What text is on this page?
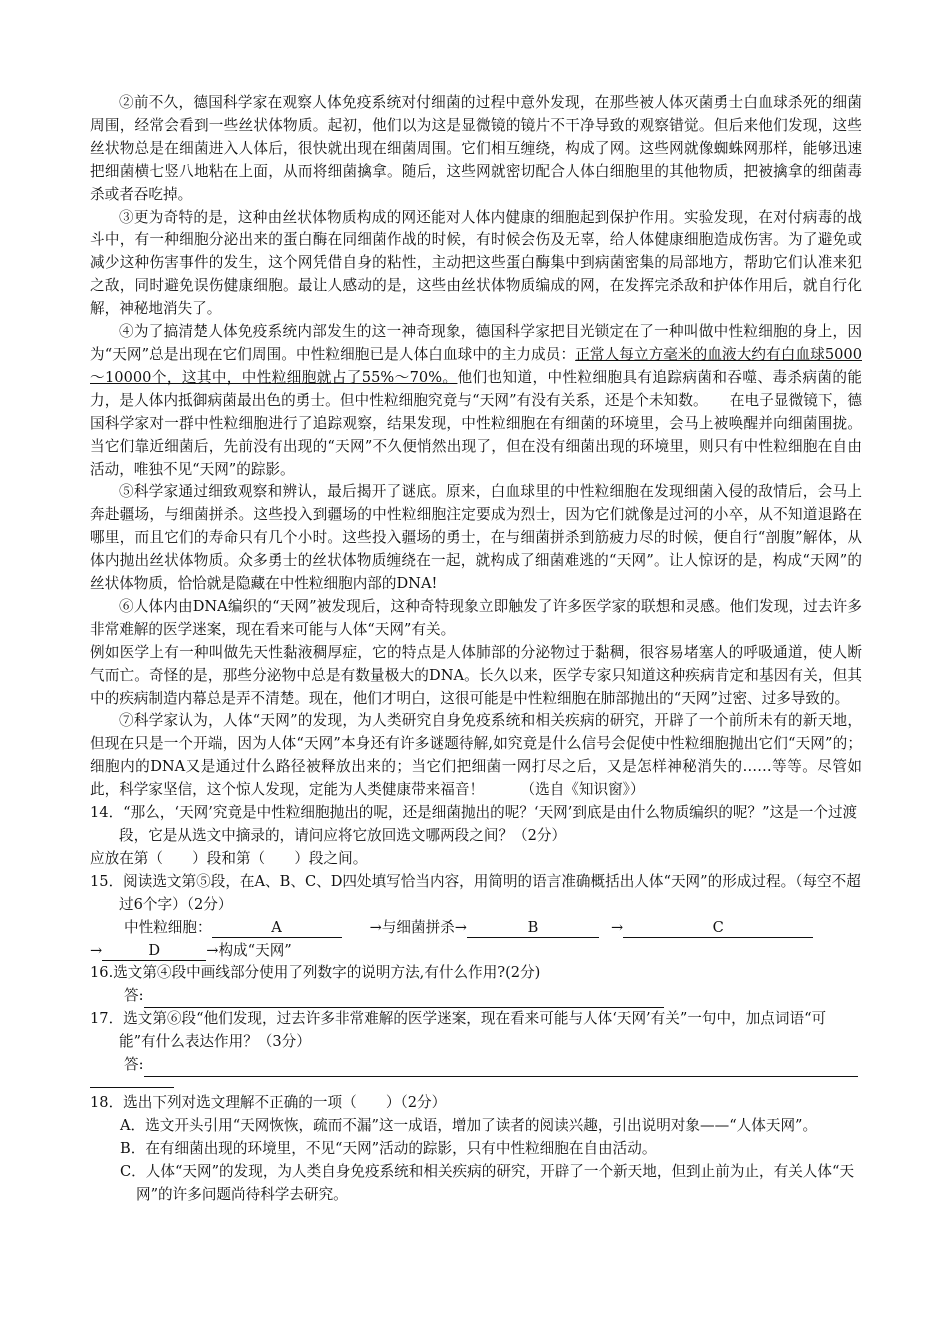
②前不久，德国科学家在观察人体免疫系统对付细菌的过程中意外发现，在那些被人体灭菌勇士白血球杀死的细菌周围，经常会看到一些丝状体物质。起初，他们以为这是显微镜的镜片不干净导致的观察错觉。但后来他们发现，这些丝状物总是在细菌进入人体后，很快就出现在细菌周围。它们相互缠绕，构成了网。这些网就像蜘蛛网那样，能够迅速把细菌横七竖八地粘在上面，从而将细菌擒拿。随后，这些网就密切配合人体白细胞里的其他物质，把被擒拿的细菌毒杀或者吞吃掉。

③更为奇特的是，这种由丝状体物质构成的网还能对人体内健康的细胞起到保护作用。实验发现，在对付病毒的战斗中，有一种细胞分泌出来的蛋白酶在同细菌作战的时候，有时候会伤及无辜，给人体健康细胞造成伤害。为了避免或减少这种伤害事件的发生，这个网凭借自身的粘性，主动把这些蛋白酶集中到病菌密集的局部地方，帮助它们认准来犯之敌，同时避免误伤健康细胞。最让人感动的是，这些由丝状体物质编成的网，在发挥完杀敌和护体作用后，就自行化解，神秘地消失了。

④为了搞清楚人体免疫系统内部发生的这一神奇现象，德国科学家把目光锁定在了一种叫做中性粒细胞的身上，因为“天网”总是出现在它们周围。中性粒细胞已是人体白血球中的主力成员：正常人每立方毫米的血液大约有白血球5000～10000个，这其中，中性粒细胞就占了55%～70%。他们也知道，中性粒细胞具有追踪病菌和吞噬、毒杀病菌的能力，是人体内抵御病菌最出色的勇士。但中性粒细胞究竟与“天网”有没有关系，还是个未知数。　　在电子显微镜下，德国科学家对一群中性粒细胞进行了追踪观察，结果发现，中性粒细胞在有细菌的环境里，会马上被唤醒并向细菌围拢。当它们靠近细菌后，先前没有出现的“天网”不久便悄然出现了，但在没有细菌出现的环境里，则只有中性粒细胞在自由活动，唯独不见“天网”的踪影。

⑤科学家通过细致观察和辨认，最后揭开了谜底。原来，白血球里的中性粒细胞在发现细菌入侵的敌情后，会马上奔赴疆场，与细菌拼杀。这些投入到疆场的中性粒细胞注定要成为烈士，因为它们就像是过河的小卒，从不知道退路在哪里，而且它们的寿命只有几个小时。这些投入疆场的勇士，在与细菌拼杀到筋疲力尽的时候，便自行“剖腹”解体，从体内抛出丝状体物质。众多勇士的丝状体物质缠绕在一起，就构成了细菌难逃的“天网”。让人惊讶的是，构成“天网”的丝状体物质，恰恰就是隐藏在中性粒细胞内部的DNA!

⑥人体内由DNA编织的“天网”被发现后，这种奇特现象立即触发了许多医学家的联想和灵感。他们发现，过去许多非常难解的医学迷案，现在看来可能与人体“天网”有关。

例如医学上有一种叫做先天性黏液稠厚症，它的特点是人体肺部的分泌物过于黏稠，很容易堵塞人的呼吸通道，使人断气而亡。奇怪的是，那些分泌物中总是有数量极大的DNA。长久以来，医学专家只知道这种疾病肯定和基因有关，但其中的疾病制造内幕总是弄不清楚。现在，他们才明白，这很可能是中性粒细胞在肺部抛出的“天网”过密、过多导致的。

⑦科学家认为，人体“天网”的发现，为人类研究自身免疫系统和相关疾病的研究，开辟了一个前所未有的新天地，但现在只是一个开端，因为人体“天网”本身还有许多谜题待解,如究竟是什么信号会促使中性粒细胞抛出它们“天网”的；细胞内的DNA又是通过什么路径被释放出来的；当它们把细菌一网打尽之后，又是怎样神秘消失的……等等。尽管如此，科学家坚信，这个惊人发现，定能为人类健康带来福音！　　　（选自《知识窗》）

14．“那么，‘天网’究竟是中性粒细胞抛出的呢，还是细菌抛出的呢？‘天网’到底是由什么物质编织的呢？”这是一个过渡段，它是从选文中摘录的，请问应将它放回选文哪两段之间？（2分）

应放在第（　　）段和第（　　）段之间。

15．阅读选文第⑤段，在A、B、C、D四处填写恰当内容，用简明的语言准确概括出人体“天网”的形成过程。（每空不超过6个字）（2分）

中性粒细胞：	A	→与细菌拼杀→	B	→	C

→	D	→构成“天网”

16.选文第④段中画线部分使用了列数字的说明方法,有什么作用?(2分)

答:

17．选文第⑥段“他们发现，过去许多非常难解的医学迷案，现在看来可能与人体‘天网’有关”一句中，加点词语“可能”有什么表达作用？（3分）

答:

18．选出下列对选文理解不正确的一项（　　）（2分）

A．选文开头引用“天网恢恢，疏而不漏”这一成语，增加了读者的阅读兴趣，引出说明对象——“人体天网”。

B．在有细菌出现的环境里，不见“天网”活动的踪影，只有中性粒细胞在自由活动。

C．人体“天网”的发现，为人类自身免疫系统和相关疾病的研究，开辟了一个新天地，但到止前为止，有关人体“天网”的许多问题尚待科学去研究。
